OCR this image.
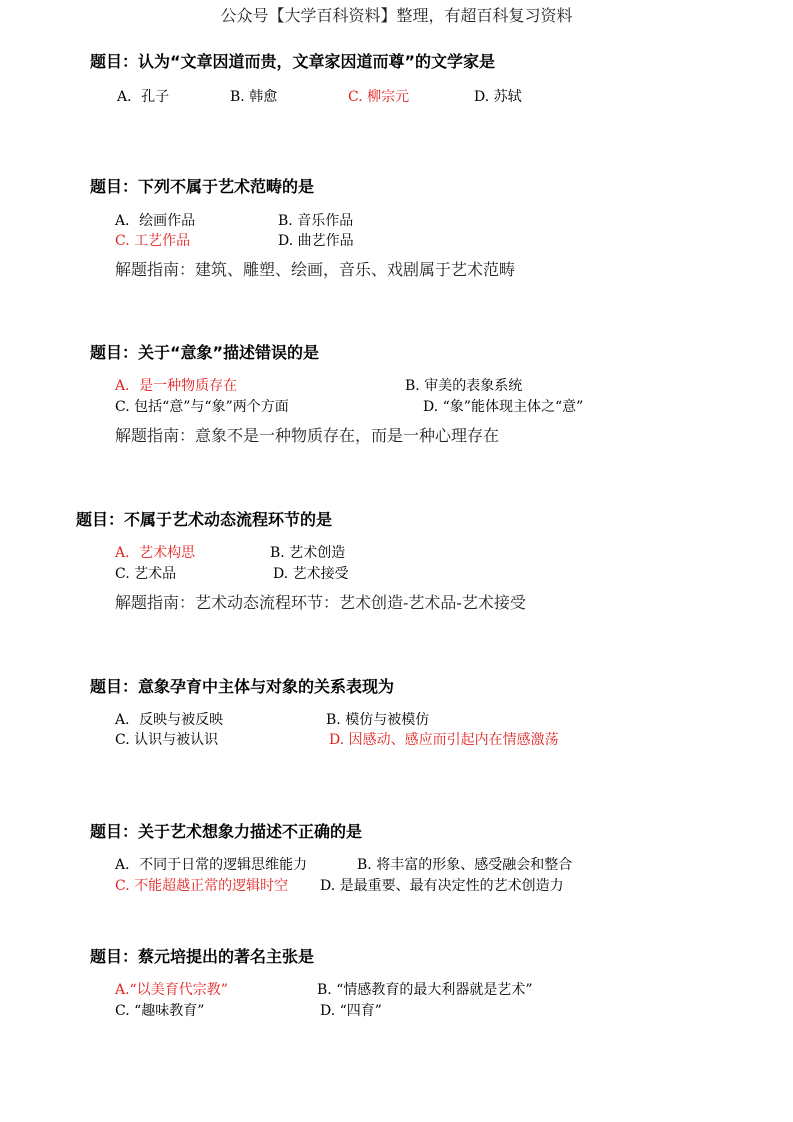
公众号【大学百科资料】整理，有超百科复习资料
题目：认为“文章因道而贵，文章家因道而尊”的文学家是
A．孔子	B. 韩愈	C. 柳宗元	D. 苏轼
题目：下列不属于艺术范畴的是
A．绘画作品	B. 音乐作品
C. 工艺作品	D. 曲艺作品
解题指南：建筑、雕塑、绘画，音乐、戏剧属于艺术范畴
题目：关于“意象”描述错误的是
A．是一种物质存在	B. 审美的表象系统
C. 包括“意”与“象”两个方面	D. “象”能体现主体之“意”
解题指南：意象不是一种物质存在，而是一种心理存在
题目：不属于艺术动态流程环节的是
A．艺术构思	B. 艺术创造
C. 艺术品	D. 艺术接受
解题指南：艺术动态流程环节：艺术创造-艺术品-艺术接受
题目：意象孕育中主体与对象的关系表现为
A．反映与被反映	B. 模仿与被模仿
C. 认识与被认识	D. 因感动、感应而引起内在情感激荡
题目：关于艺术想象力描述不正确的是
A．不同于日常的逻辑思维能力	B. 将丰富的形象、感受融会和整合
C. 不能超越正常的逻辑时空 D. 是最重要、最有决定性的艺术创造力
题目：蔡元培提出的著名主张是
A.“以美育代宗教”	B. “情感教育的最大利器就是艺术”
C. “趣味教育”	D. “四育”
